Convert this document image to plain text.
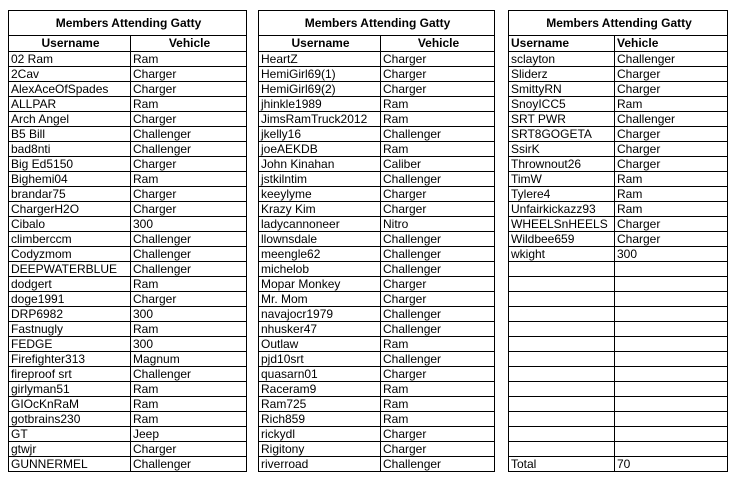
Members Attending Gatty	
Username	Vehicle
02 Ram	Ram
2Cav	Charger
AlexAceOfSpades	Charger
ALLPAR	Ram
Arch Angel	Charger
B5 Bill	Challenger
bad8nti	Challenger
Big Ed5150	Charger
Bighemi04	Ram
brandar75	Charger
ChargerH2O	Charger
Cibalo	300
climberccm	Challenger
Codyzmom	Challenger
DEEPWATERBLUE	Challenger
dodgert	Ram
doge1991	Charger
DRP6982	300
Fastnugly	Ram
FEDGE	300
Firefighter313	Magnum
fireproof srt	Challenger
girlyman51	Ram
GIOcKnRaM	Ram
gotbrains230	Ram
GT	Jeep
gtwjr	Charger
GUNNERMEL	Challenger
Members Attending Gatty	
Username	Vehicle
HeartZ	Charger
HemiGirl69(1)	Charger
HemiGirl69(2)	Charger
jhinkle1989	Ram
JimsRamTruck2012	Ram
jkelly16	Challenger
joeAEKDB	Ram
John Kinahan	Caliber
jstkilntim	Challenger
keeylyme	Charger
Krazy Kim	Charger
ladycannoneer	Nitro
llownsdale	Challenger
meengle62	Challenger
michelob	Challenger
Mopar Monkey	Charger
Mr. Mom	Charger
navajocr1979	Challenger
nhusker47	Challenger
Outlaw	Ram
pjd10srt	Challenger
quasarn01	Charger
Raceram9	Ram
Ram725	Ram
Rich859	Ram
rickydl	Charger
Rigitony	Charger
riverroad	Challenger
Members Attending Gatty	
Username	Vehicle
sclayton	Challenger
Sliderz	Charger
SmittyRN	Charger
SnoyICC5	Ram
SRT PWR	Challenger
SRT8GOGETA	Charger
SsirK	Charger
Thrownout26	Charger
TimW	Ram
Tylere4	Ram
Unfairkickazz93	Ram
WHEELSnHEELS	Charger
Wildbee659	Charger
wkight	300

Total	70
